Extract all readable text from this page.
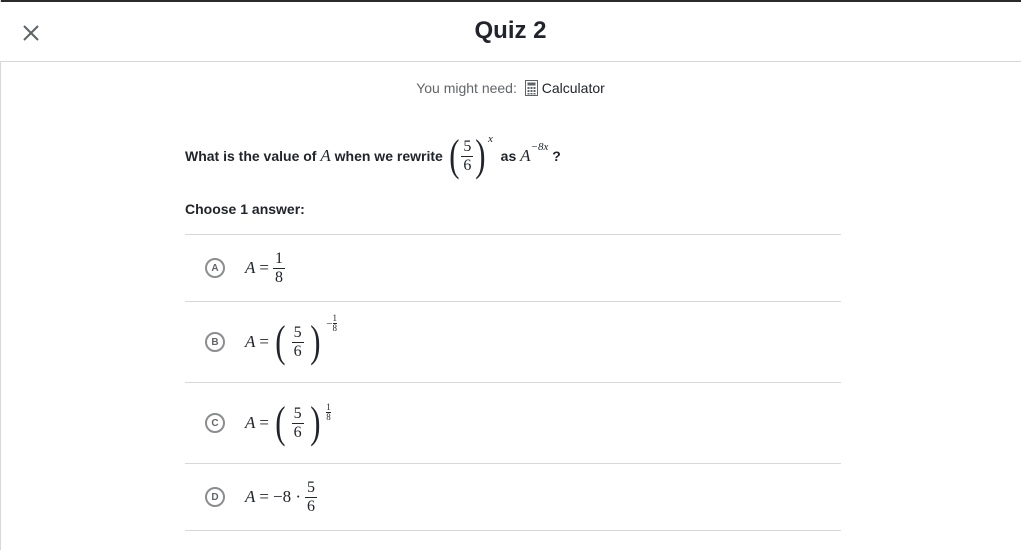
Quiz 2
You might need: Calculator
What is the value of
A
when we rewrite
( $\frac{5}{6}$ ) x

as
A −8x

?
Choose 1 answer:
A	$A = \frac{1}{8}$
B	A = ( $\frac{5}{6}$ ) − $\frac{1}{8}$
C	A = ( $\frac{5}{6}$ ) $\frac{1}{8}$
D	$A = -8 \cdot \frac{5}{6}$
